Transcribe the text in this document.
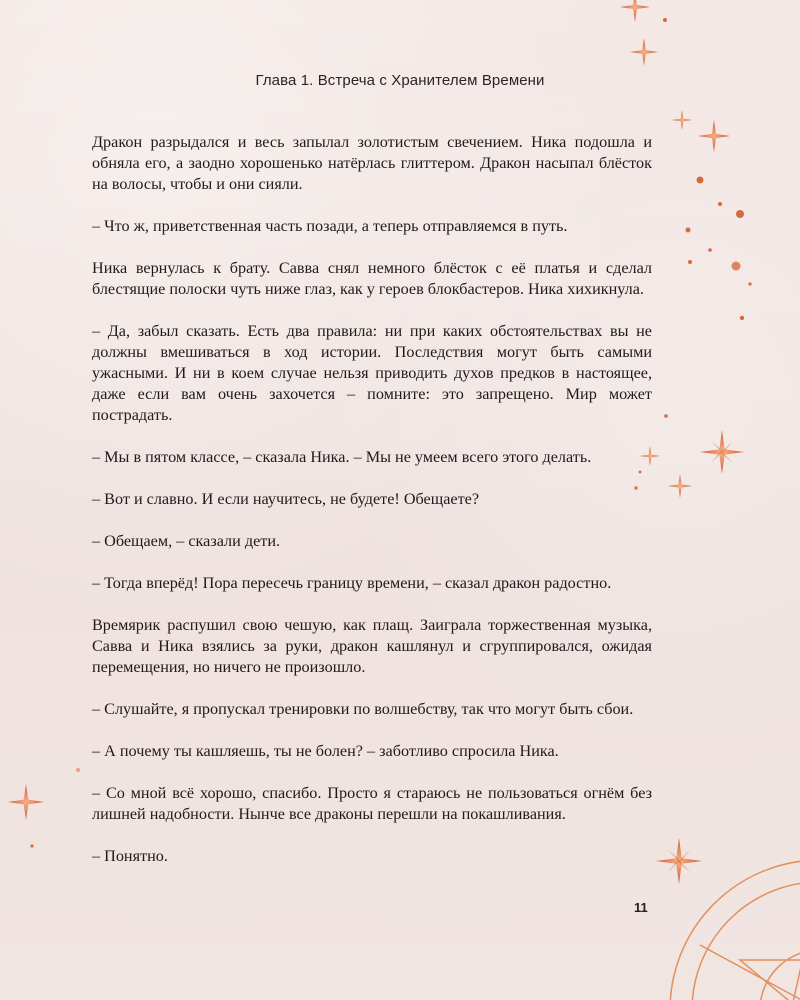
Глава 1. Встреча с Хранителем Времени

Дракон разрыдался и весь запылал золотистым свечением. Ника подошла и обняла его, а заодно хорошенько натёрлась глиттером. Дракон насыпал блёсток на волосы, чтобы и они сияли.

– Что ж, приветственная часть позади, а теперь отправляемся в путь.

Ника вернулась к брату. Савва снял немного блёсток с её платья и сделал блестящие полоски чуть ниже глаз, как у героев блокбастеров. Ника хихикнула.

– Да, забыл сказать. Есть два правила: ни при каких обстоятельствах вы не должны вмешиваться в ход истории. Последствия могут быть самыми ужасными. И ни в коем случае нельзя приводить духов предков в настоящее, даже если вам очень захочется – помните: это запрещено. Мир может пострадать.

– Мы в пятом классе, – сказала Ника. – Мы не умеем всего этого делать.

– Вот и славно. И если научитесь, не будете! Обещаете?

– Обещаем, – сказали дети.

– Тогда вперёд! Пора пересечь границу времени, – сказал дракон радостно.

Времярик распушил свою чешую, как плащ. Заиграла торжественная музыка, Савва и Ника взялись за руки, дракон кашлянул и сгруппировался, ожидая перемещения, но ничего не произошло.

– Слушайте, я пропускал тренировки по волшебству, так что могут быть сбои.

– А почему ты кашляешь, ты не болен? – заботливо спросила Ника.

– Со мной всё хорошо, спасибо. Просто я стараюсь не пользоваться огнём без лишней надобности. Нынче все драконы перешли на покашливания.

– Понятно.

11
